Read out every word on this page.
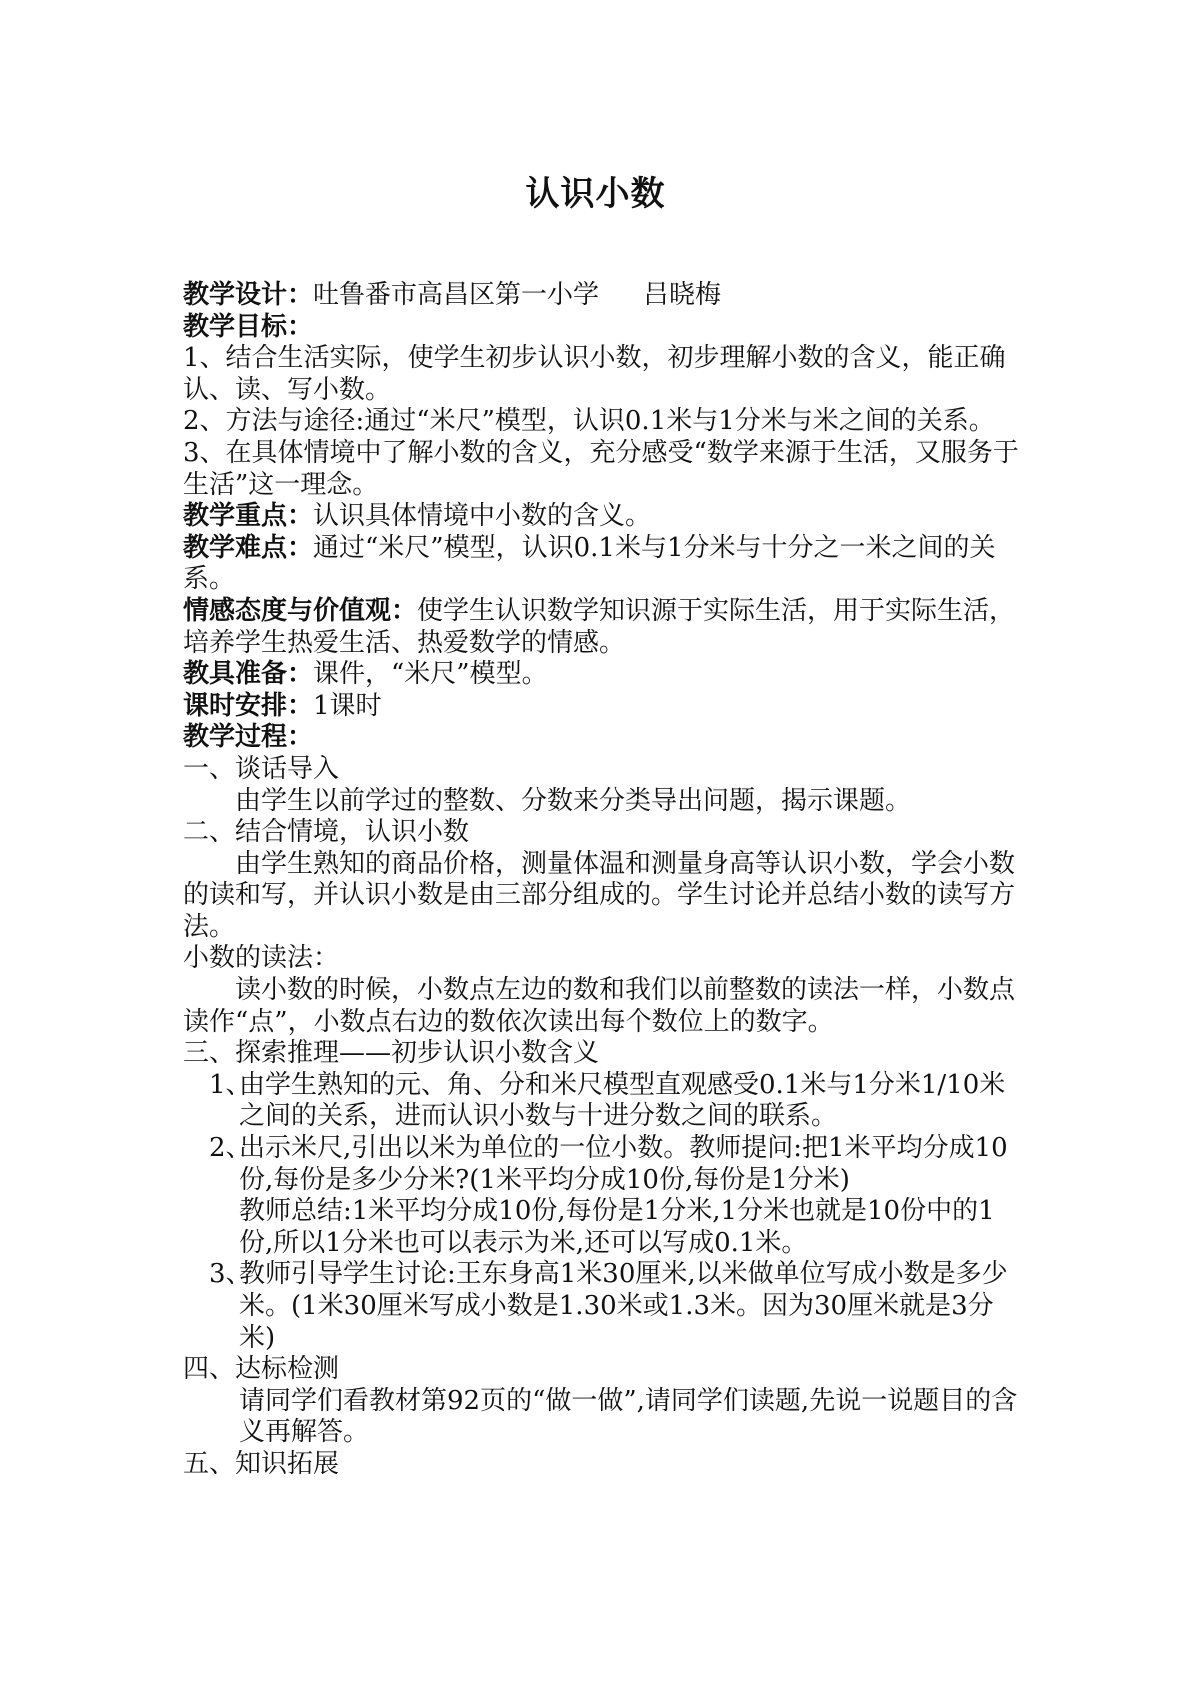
认识小数

教学设计：吐鲁番市高昌区第一小学 吕晓梅

教学目标：

1、结合生活实际，使学生初步认识小数，初步理解小数的含义，能正确认、读、写小数。

2、方法与途径:通过“米尺”模型，认识0.1米与1分米与米之间的关系。

3、在具体情境中了解小数的含义，充分感受“数学来源于生活，又服务于生活”这一理念。

教学重点：认识具体情境中小数的含义。

教学难点：通过“米尺”模型，认识0.1米与1分米与十分之一米之间的关系。

情感态度与价值观：使学生认识数学知识源于实际生活，用于实际生活，培养学生热爱生活、热爱数学的情感。

教具准备：课件，“米尺”模型。

课时安排：1课时

教学过程：

一、谈话导入

由学生以前学过的整数、分数来分类导出问题，揭示课题。

二、结合情境，认识小数

由学生熟知的商品价格，测量体温和测量身高等认识小数，学会小数的读和写，并认识小数是由三部分组成的。学生讨论并总结小数的读写方法。

小数的读法：

读小数的时候，小数点左边的数和我们以前整数的读法一样，小数点读作“点”，小数点右边的数依次读出每个数位上的数字。

三、探索推理——初步认识小数含义

1、

由学生熟知的元、角、分和米尺模型直观感受0.1米与1分米1/10米之间的关系，进而认识小数与十进分数之间的联系。

2、

出示米尺,引出以米为单位的一位小数。教师提问:把1米平均分成10份,每份是多少分米?(1米平均分成10份,每份是1分米)

教师总结:1米平均分成10份,每份是1分米,1分米也就是10份中的1份,所以1分米也可以表示为米,还可以写成0.1米。

3、

教师引导学生讨论:王东身高1米30厘米,以米做单位写成小数是多少米。(1米30厘米写成小数是1.30米或1.3米。因为30厘米就是3分米)

四、达标检测

请同学们看教材第92页的“做一做”,请同学们读题,先说一说题目的含义再解答。

五、知识拓展
